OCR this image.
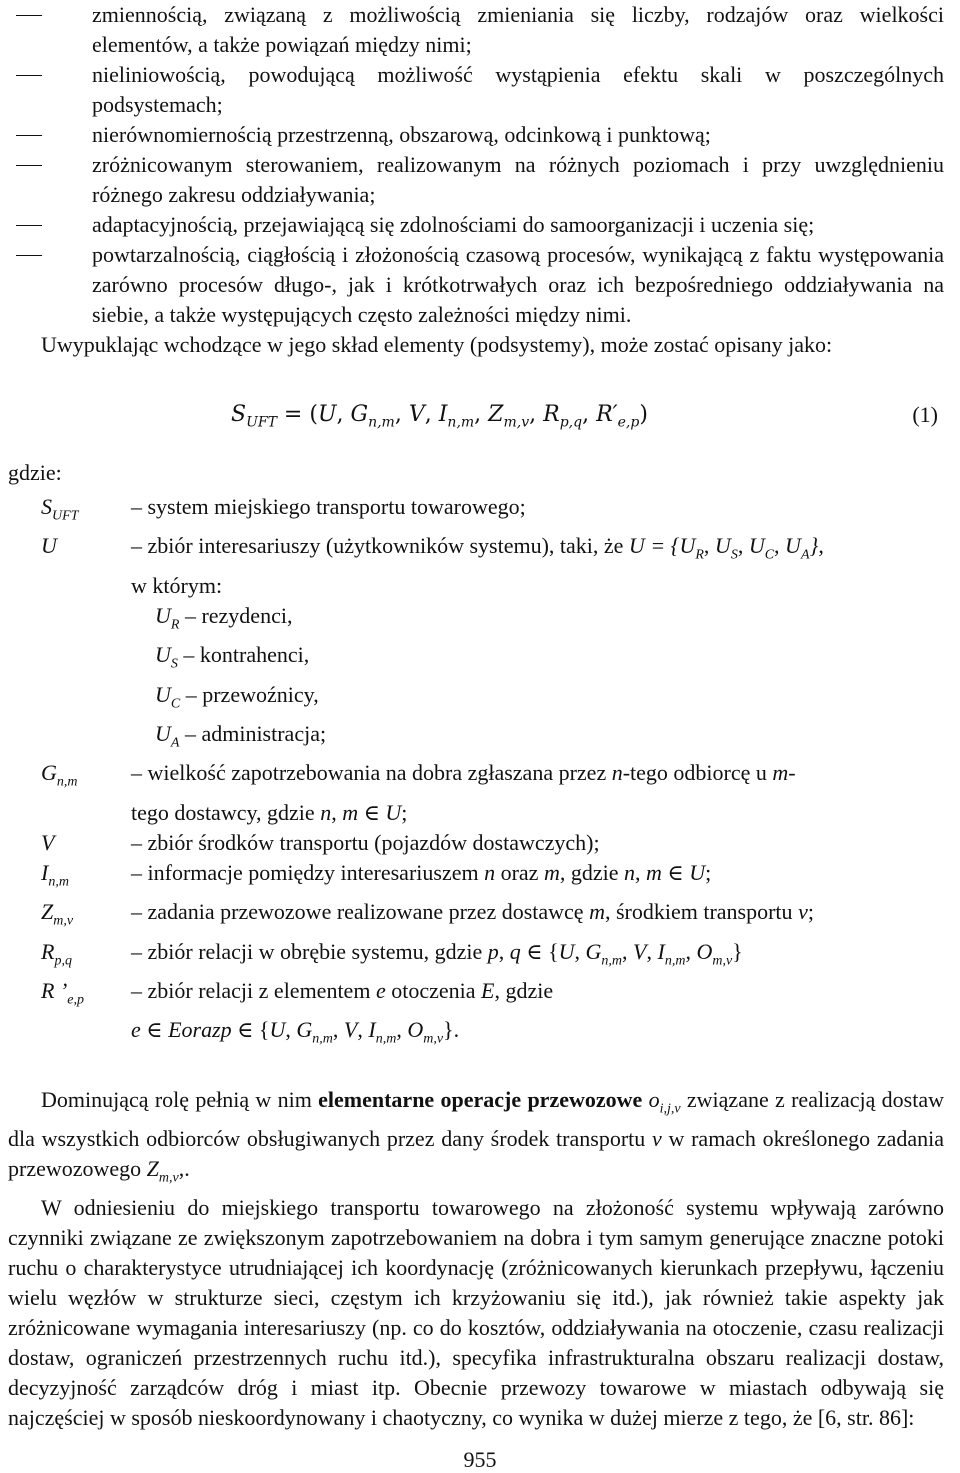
zmiennością, związaną z możliwością zmieniania się liczby, rodzajów oraz wielkości elementów, a także powiązań między nimi;
nieliniowością, powodującą możliwość wystąpienia efektu skali w poszczególnych podsystemach;
nierównomiernością przestrzenną, obszarową, odcinkową i punktową;
zróżnicowanym sterowaniem, realizowanym na różnych poziomach i przy uwzględnieniu różnego zakresu oddziaływania;
adaptacyjnością, przejawiającą się zdolnościami do samoorganizacji i uczenia się;
powtarzalnością, ciągłością i złożonością czasową procesów, wynikającą z faktu występowania zarówno procesów długo-, jak i krótkotrwałych oraz ich bezpośredniego oddziaływania na siebie, a także występujących często zależności między nimi.

Uwypuklając wchodzące w jego skład elementy (podsystemy), może zostać opisany jako:

$S_{UFT} = (U$, $G_{n,m}$, V, $I_{n,m}$, $Z_{m,v}$, $R_{p,q}$, $R'_{e,p}$)	(1)
gdzie:
$S_{UFT}$	– system miejskiego transportu towarowego;
U	– zbiór interesariuszy (użytkowników systemu), taki, że $U = \{U_R$, $U_S$, $U_C$, $U_A$},
w którym:
$U_R$ – rezydenci,
$U_S$ – kontrahenci,
$U_C$ – przewoźnicy,
$U_A$ – administracja;
$G_{n,m}$	– wielkość zapotrzebowania na dobra zgłaszana przez n-tego odbiorcę u m-
tego dostawcy, gdzie n, m ∈ U;
V	– zbiór środków transportu (pojazdów dostawczych);
$I_{n,m}$	– informacje pomiędzy interesariuszem n oraz m, gdzie n, m ∈ U;
$Z_{m,v}$	– zadania przewozowe realizowane przez dostawcę m, środkiem transportu v;
$R_{p,q}$	– zbiór relacji w obrębie systemu, gdzie p, q ∈ {U, $G_{n,m}$, V, $I_{n,m}$, $O_{m,v}$}
R $’_{e,p}$	– zbiór relacji z elementem e otoczenia E, gdzie
e ∈ Eorazp ∈ {U, $G_{n,m}$, V, $I_{n,m}$, $O_{m,v}$}.

Dominującą rolę pełnią w nim elementarne operacje przewozowe $o_{i,j,v}$ związane z realizacją dostaw dla wszystkich odbiorców obsługiwanych przez dany środek transportu v w ramach określonego zadania przewozowego $Z_{m,v}$,.

W odniesieniu do miejskiego transportu towarowego na złożoność systemu wpływają zarówno czynniki związane ze zwiększonym zapotrzebowaniem na dobra i tym samym generujące znaczne potoki ruchu o charakterystyce utrudniającej ich koordynację (zróżnicowanych kierunkach przepływu, łączeniu wielu węzłów w strukturze sieci, częstym ich krzyżowaniu się itd.), jak również takie aspekty jak zróżnicowane wymagania interesariuszy (np. co do kosztów, oddziaływania na otoczenie, czasu realizacji dostaw, ograniczeń przestrzennych ruchu itd.), specyfika infrastrukturalna obszaru realizacji dostaw, decyzyjność zarządców dróg i miast itp. Obecnie przewozy towarowe w miastach odbywają się najczęściej w sposób nieskoordynowany i chaotyczny, co wynika w dużej mierze z tego, że [6, str. 86]:

955
